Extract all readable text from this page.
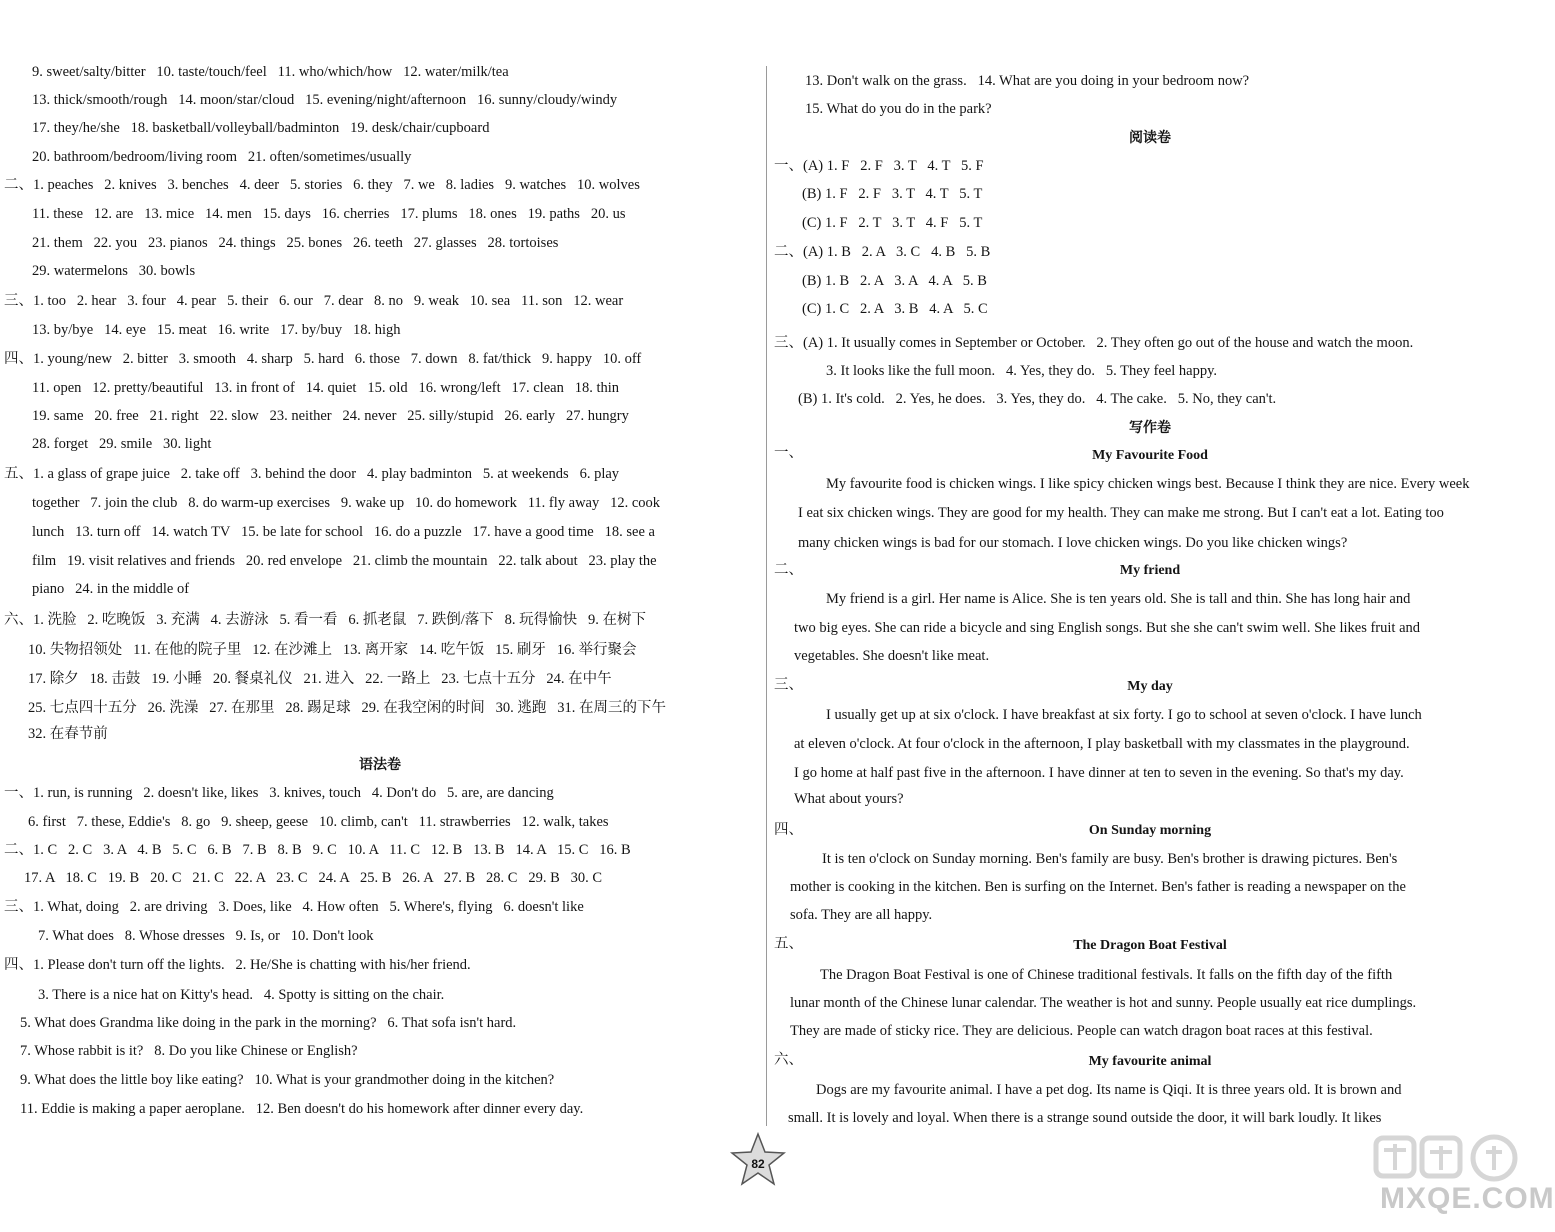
9. sweet/salty/bitter   10. taste/touch/feel   11. who/which/how   12. water/milk/tea
13. thick/smooth/rough   14. moon/star/cloud   15. evening/night/afternoon   16. sunny/cloudy/windy
17. they/he/she   18. basketball/volleyball/badminton   19. desk/chair/cupboard
20. bathroom/bedroom/living room   21. often/sometimes/usually
二、1. peaches   2. knives   3. benches   4. deer   5. stories   6. they   7. we   8. ladies   9. watches   10. wolves
11. these   12. are   13. mice   14. men   15. days   16. cherries   17. plums   18. ones   19. paths   20. us
21. them   22. you   23. pianos   24. things   25. bones   26. teeth   27. glasses   28. tortoises
29. watermelons   30. bowls
三、1. too   2. hear   3. four   4. pear   5. their   6. our   7. dear   8. no   9. weak   10. sea   11. son   12. wear
13. by/bye   14. eye   15. meat   16. write   17. by/buy   18. high
四、1. young/new   2. bitter   3. smooth   4. sharp   5. hard   6. those   7. down   8. fat/thick   9. happy   10. off
11. open   12. pretty/beautiful   13. in front of   14. quiet   15. old   16. wrong/left   17. clean   18. thin
19. same   20. free   21. right   22. slow   23. neither   24. never   25. silly/stupid   26. early   27. hungry
28. forget   29. smile   30. light
五、1. a glass of grape juice   2. take off   3. behind the door   4. play badminton   5. at weekends   6. play
together   7. join the club   8. do warm-up exercises   9. wake up   10. do homework   11. fly away   12. cook
lunch   13. turn off   14. watch TV   15. be late for school   16. do a puzzle   17. have a good time   18. see a
film   19. visit relatives and friends   20. red envelope   21. climb the mountain   22. talk about   23. play the
piano   24. in the middle of
六、1. 洗脸   2. 吃晚饭   3. 充满   4. 去游泳   5. 看一看   6. 抓老鼠   7. 跌倒/落下   8. 玩得愉快   9. 在树下
10. 失物招领处   11. 在他的院子里   12. 在沙滩上   13. 离开家   14. 吃午饭   15. 刷牙   16. 举行聚会
17. 除夕   18. 击鼓   19. 小睡   20. 餐桌礼仪   21. 进入   22. 一路上   23. 七点十五分   24. 在中午
25. 七点四十五分   26. 洗澡   27. 在那里   28. 踢足球   29. 在我空闲的时间   30. 逃跑   31. 在周三的下午
32. 在春节前
语法卷
一、1. run, is running   2. doesn't like, likes   3. knives, touch   4. Don't do   5. are, are dancing
6. first   7. these, Eddie's   8. go   9. sheep, geese   10. climb, can't   11. strawberries   12. walk, takes
二、1. C   2. C   3. A   4. B   5. C   6. B   7. B   8. B   9. C   10. A   11. C   12. B   13. B   14. A   15. C   16. B
17. A   18. C   19. B   20. C   21. C   22. A   23. C   24. A   25. B   26. A   27. B   28. C   29. B   30. C
三、1. What, doing   2. are driving   3. Does, like   4. How often   5. Where's, flying   6. doesn't like
7. What does   8. Whose dresses   9. Is, or   10. Don't look
四、1. Please don't turn off the lights.   2. He/She is chatting with his/her friend.
3. There is a nice hat on Kitty's head.   4. Spotty is sitting on the chair.
5. What does Grandma like doing in the park in the morning?   6. That sofa isn't hard.
7. Whose rabbit is it?   8. Do you like Chinese or English?
9. What does the little boy like eating?   10. What is your grandmother doing in the kitchen?
11. Eddie is making a paper aeroplane.   12. Ben doesn't do his homework after dinner every day.
13. Don't walk on the grass.   14. What are you doing in your bedroom now?
15. What do you do in the park?
阅读卷
一、(A) 1. F   2. F   3. T   4. T   5. F
(B) 1. F   2. F   3. T   4. T   5. T
(C) 1. F   2. T   3. T   4. F   5. T
二、(A) 1. B   2. A   3. C   4. B   5. B
(B) 1. B   2. A   3. A   4. A   5. B
(C) 1. C   2. A   3. B   4. A   5. C
三、(A) 1. It usually comes in September or October.   2. They often go out of the house and watch the moon.
3. It looks like the full moon.   4. Yes, they do.   5. They feel happy.
(B) 1. It's cold.   2. Yes, he does.   3. Yes, they do.   4. The cake.   5. No, they can't.
写作卷
一、	My Favourite Food
My favourite food is chicken wings. I like spicy chicken wings best. Because I think they are nice. Every week
I eat six chicken wings. They are good for my health. They can make me strong. But I can't eat a lot. Eating too
many chicken wings is bad for our stomach. I love chicken wings. Do you like chicken wings?
二、	My friend
My friend is a girl. Her name is Alice. She is ten years old. She is tall and thin. She has long hair and
two big eyes. She can ride a bicycle and sing English songs. But she she can't swim well. She likes fruit and
vegetables. She doesn't like meat.
三、	My day
I usually get up at six o'clock. I have breakfast at six forty. I go to school at seven o'clock. I have lunch
at eleven o'clock. At four o'clock in the afternoon, I play basketball with my classmates in the playground.
I go home at half past five in the afternoon. I have dinner at ten to seven in the evening. So that's my day.
What about yours?
四、	On Sunday morning
It is ten o'clock on Sunday morning. Ben's family are busy. Ben's brother is drawing pictures. Ben's
mother is cooking in the kitchen. Ben is surfing on the Internet. Ben's father is reading a newspaper on the
sofa. They are all happy.
五、	The Dragon Boat Festival
The Dragon Boat Festival is one of Chinese traditional festivals. It falls on the fifth day of the fifth
lunar month of the Chinese lunar calendar. The weather is hot and sunny. People usually eat rice dumplings.
They are made of sticky rice. They are delicious. People can watch dragon boat races at this festival.
六、	My favourite animal
Dogs are my favourite animal. I have a pet dog. Its name is Qiqi. It is three years old. It is brown and
small. It is lovely and loyal. When there is a strange sound outside the door, it will bark loudly. It likes
82
MXQE.COM
